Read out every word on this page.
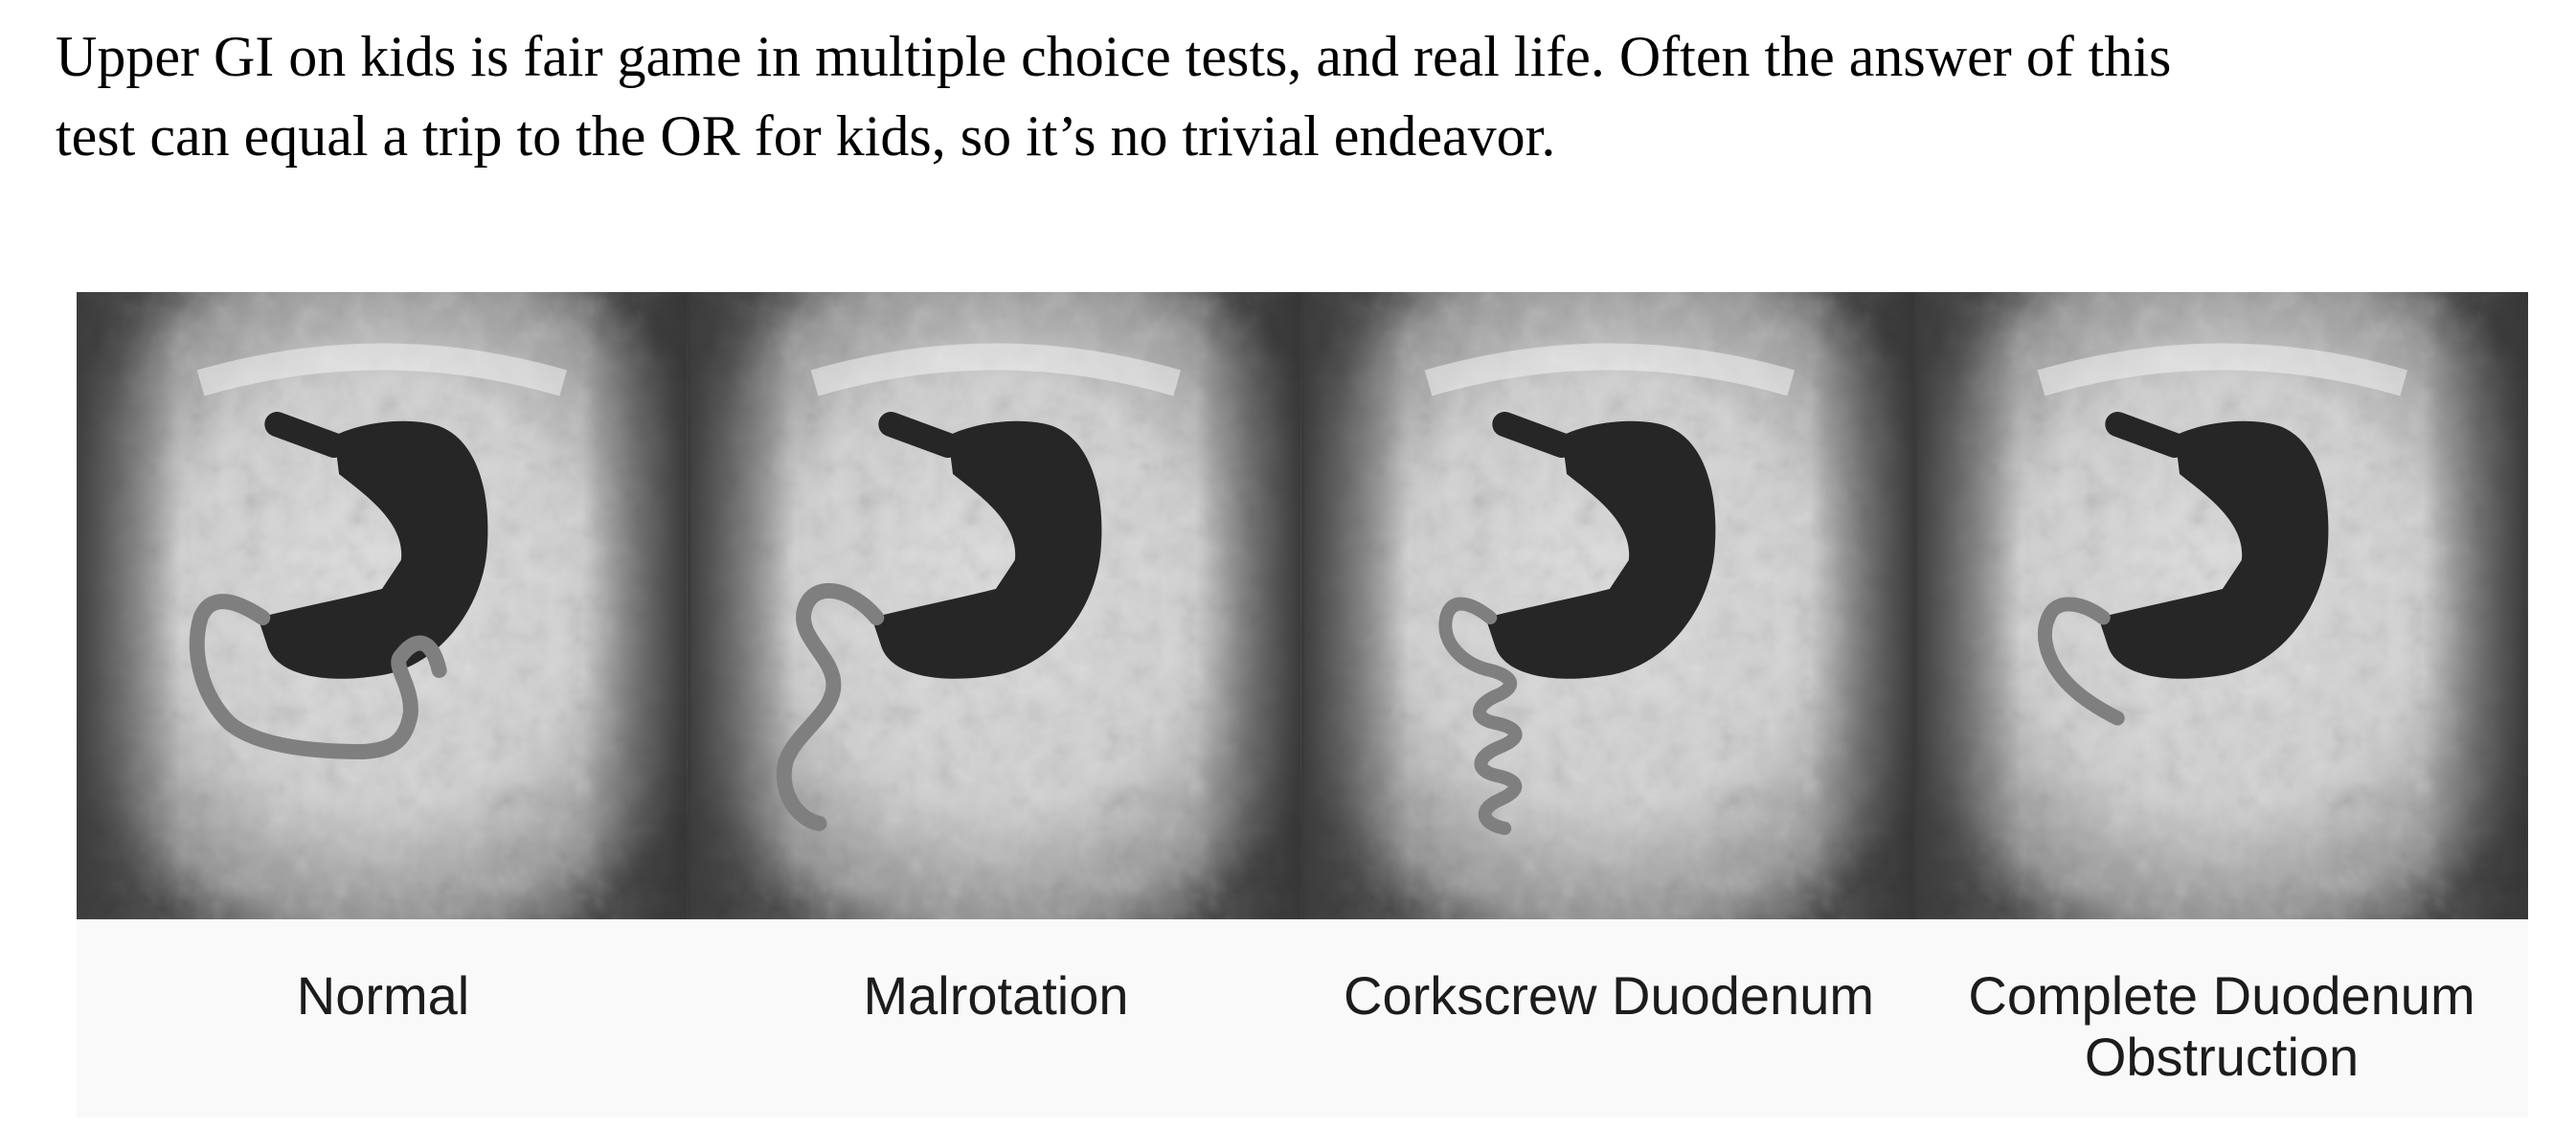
Upper GI on kids is fair game in multiple choice tests, and real life. Often the answer of this
test can equal a trip to the OR for kids, so it’s no trivial endeavor.

Normal	Malrotation	Corkscrew Duodenum	Complete Duodenum
Obstruction
